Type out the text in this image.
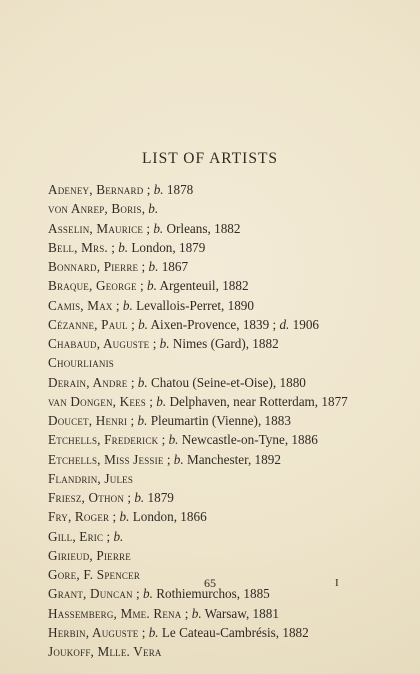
LIST OF ARTISTS
Adeney, Bernard ; b. 1878
von Anrep, Boris, b.
Asselin, Maurice ; b. Orleans, 1882
Bell, Mrs. ; b. London, 1879
Bonnard, Pierre ; b. 1867
Braque, George ; b. Argenteuil, 1882
Camis, Max ; b. Levallois-Perret, 1890
Cézanne, Paul ; b. Aixen-Provence, 1839 ; d. 1906
Chabaud, Auguste ; b. Nimes (Gard), 1882
Chourlianis
Derain, Andre ; b. Chatou (Seine-et-Oise), 1880
van Dongen, Kees ; b. Delphaven, near Rotterdam, 1877
Doucet, Henri ; b. Pleumartin (Vienne), 1883
Etchells, Frederick ; b. Newcastle-on-Tyne, 1886
Etchells, Miss Jessie ; b. Manchester, 1892
Flandrin, Jules
Friesz, Othon ; b. 1879
Fry, Roger ; b. London, 1866
Gill, Eric ; b.
Girieud, Pierre
Gore, F. Spencer
Grant, Duncan ; b. Rothiemurchos, 1885
Hassemberg, Mme. Rena ; b. Warsaw, 1881
Herbin, Auguste ; b. Le Cateau-Cambrésis, 1882
Joukoff, Mlle. Vera
65	I
